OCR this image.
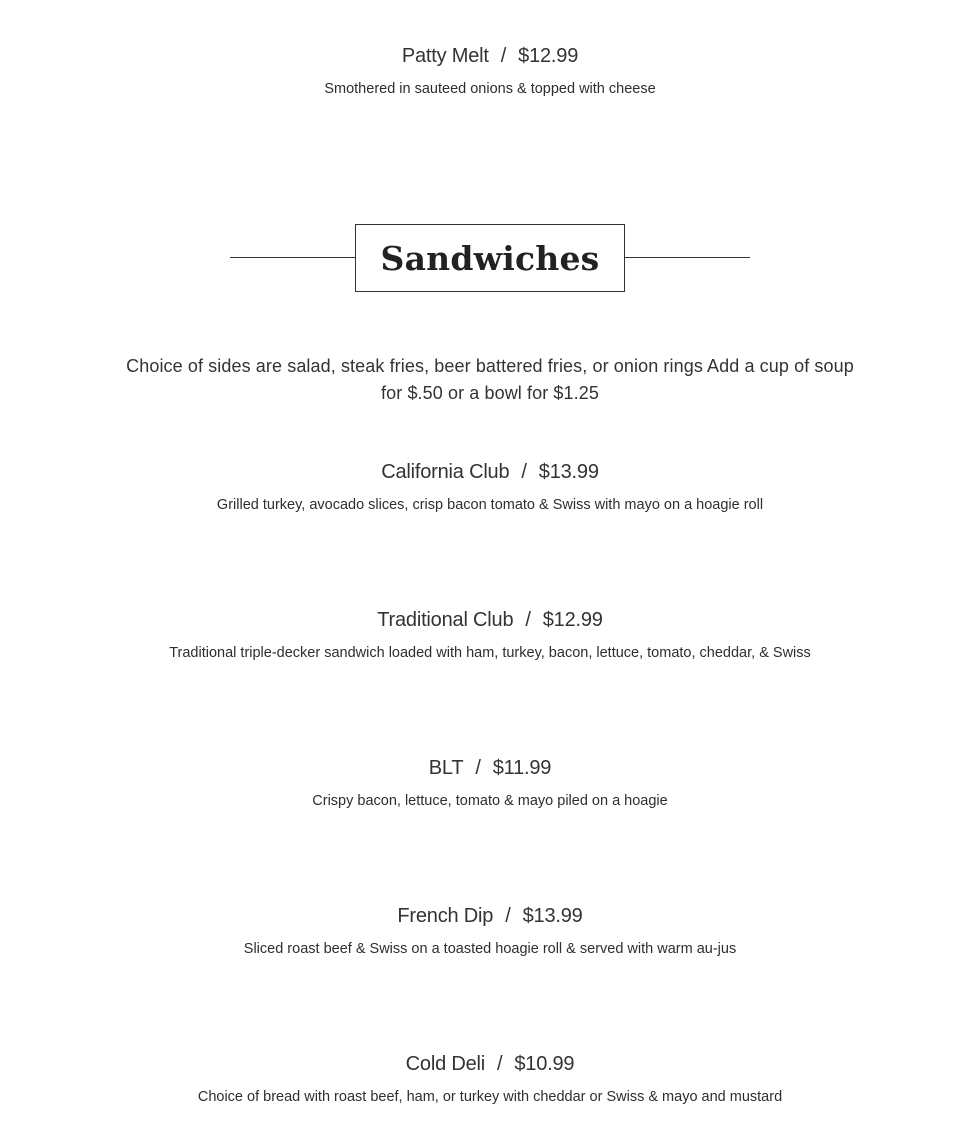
Patty Melt / $12.99
Smothered in sauteed onions & topped with cheese
Sandwiches
Choice of sides are salad, steak fries, beer battered fries, or onion rings Add a cup of soup for $.50 or a bowl for $1.25
California Club / $13.99
Grilled turkey, avocado slices, crisp bacon tomato & Swiss with mayo on a hoagie roll
Traditional Club / $12.99
Traditional triple-decker sandwich loaded with ham, turkey, bacon, lettuce, tomato, cheddar, & Swiss
BLT / $11.99
Crispy bacon, lettuce, tomato & mayo piled on a hoagie
French Dip / $13.99
Sliced roast beef & Swiss on a toasted hoagie roll & served with warm au-jus
Cold Deli / $10.99
Choice of bread with roast beef, ham, or turkey with cheddar or Swiss & mayo and mustard
